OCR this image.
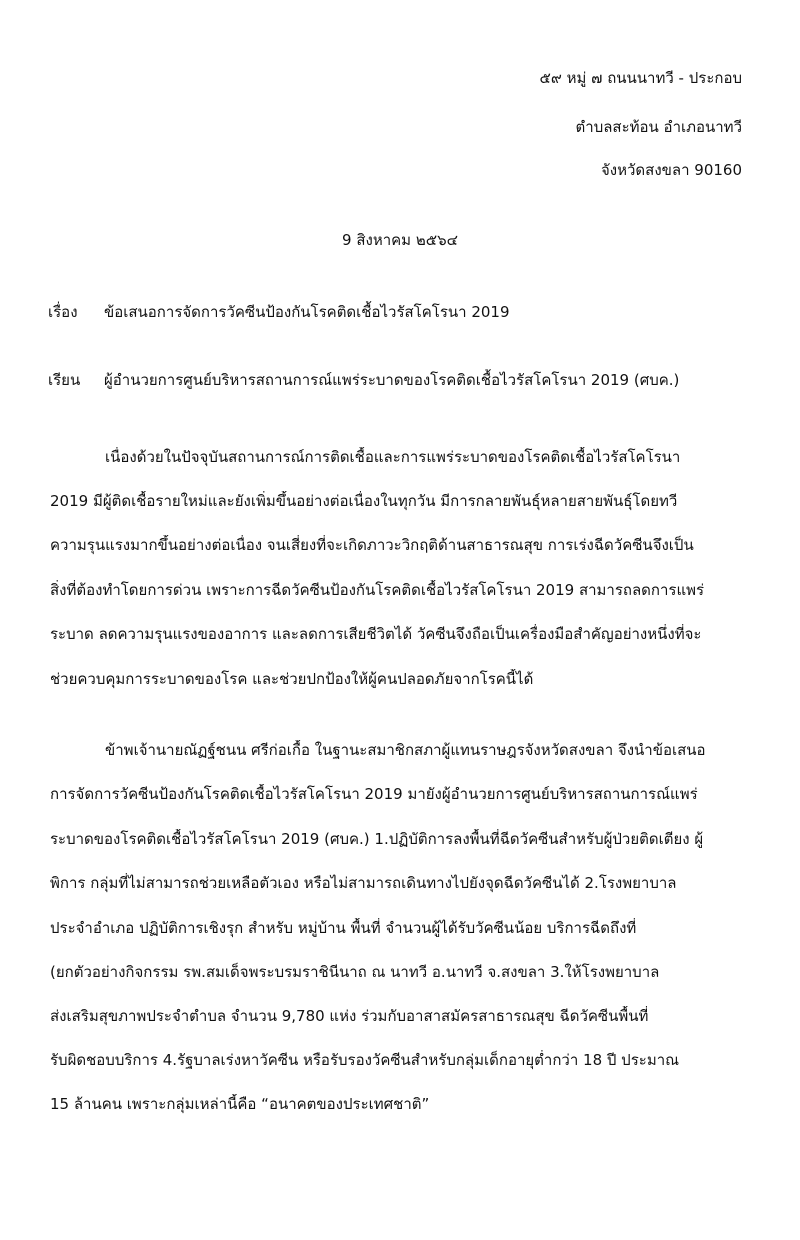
๕๙ หมู่ ๗ ถนนนาทวี - ประกอบ
ตำบลสะท้อน อำเภอนาทวี
จังหวัดสงขลา 90160
9 สิงหาคม ๒๕๖๔
เรื่อง ข้อเสนอการจัดการวัคซีนป้องกันโรคติดเชื้อไวรัสโคโรนา 2019
เรียน ผู้อำนวยการศูนย์บริหารสถานการณ์แพร่ระบาดของโรคติดเชื้อไวรัสโคโรนา 2019 (ศบค.)
เนื่องด้วยในปัจจุบันสถานการณ์การติดเชื้อและการแพร่ระบาดของโรคติดเชื้อไวรัสโคโรนา
2019 มีผู้ติดเชื้อรายใหม่และยังเพิ่มขึ้นอย่างต่อเนื่องในทุกวัน มีการกลายพันธุ์หลายสายพันธุ์โดยทวี
ความรุนแรงมากขึ้นอย่างต่อเนื่อง จนเสี่ยงที่จะเกิดภาวะวิกฤติด้านสาธารณสุข การเร่งฉีดวัคซีนจึงเป็น
สิ่งที่ต้องทำโดยการด่วน เพราะการฉีดวัคซีนป้องกันโรคติดเชื้อไวรัสโคโรนา 2019 สามารถลดการแพร่
ระบาด ลดความรุนแรงของอาการ และลดการเสียชีวิตได้ วัคซีนจึงถือเป็นเครื่องมือสำคัญอย่างหนึ่งที่จะ
ช่วยควบคุมการระบาดของโรค และช่วยปกป้องให้ผู้คนปลอดภัยจากโรคนี้ได้
ข้าพเจ้านายณัฏฐ์ชนน ศรีก่อเกื้อ ในฐานะสมาชิกสภาผู้แทนราษฎรจังหวัดสงขลา จึงนำข้อเสนอ
การจัดการวัคซีนป้องกันโรคติดเชื้อไวรัสโคโรนา 2019 มายังผู้อำนวยการศูนย์บริหารสถานการณ์แพร่
ระบาดของโรคติดเชื้อไวรัสโคโรนา 2019 (ศบค.) 1.ปฏิบัติการลงพื้นที่ฉีดวัคซีนสำหรับผู้ป่วยติดเตียง ผู้
พิการ กลุ่มที่ไม่สามารถช่วยเหลือตัวเอง หรือไม่สามารถเดินทางไปยังจุดฉีดวัคซีนได้ 2.โรงพยาบาล
ประจำอำเภอ ปฏิบัติการเชิงรุก สำหรับ หมู่บ้าน พื้นที่ จำนวนผู้ได้รับวัคซีนน้อย บริการฉีดถึงที่
(ยกตัวอย่างกิจกรรม รพ.สมเด็จพระบรมราชินีนาถ ณ นาทวี อ.นาทวี จ.สงขลา 3.ให้โรงพยาบาล
ส่งเสริมสุขภาพประจำตำบล จำนวน 9,780 แห่ง ร่วมกับอาสาสมัครสาธารณสุข ฉีดวัคซีนพื้นที่
รับผิดชอบบริการ 4.รัฐบาลเร่งหาวัคซีน หรือรับรองวัคซีนสำหรับกลุ่มเด็กอายุต่ำกว่า 18 ปี ประมาณ
15 ล้านคน เพราะกลุ่มเหล่านี้คือ “อนาคตของประเทศชาติ”
